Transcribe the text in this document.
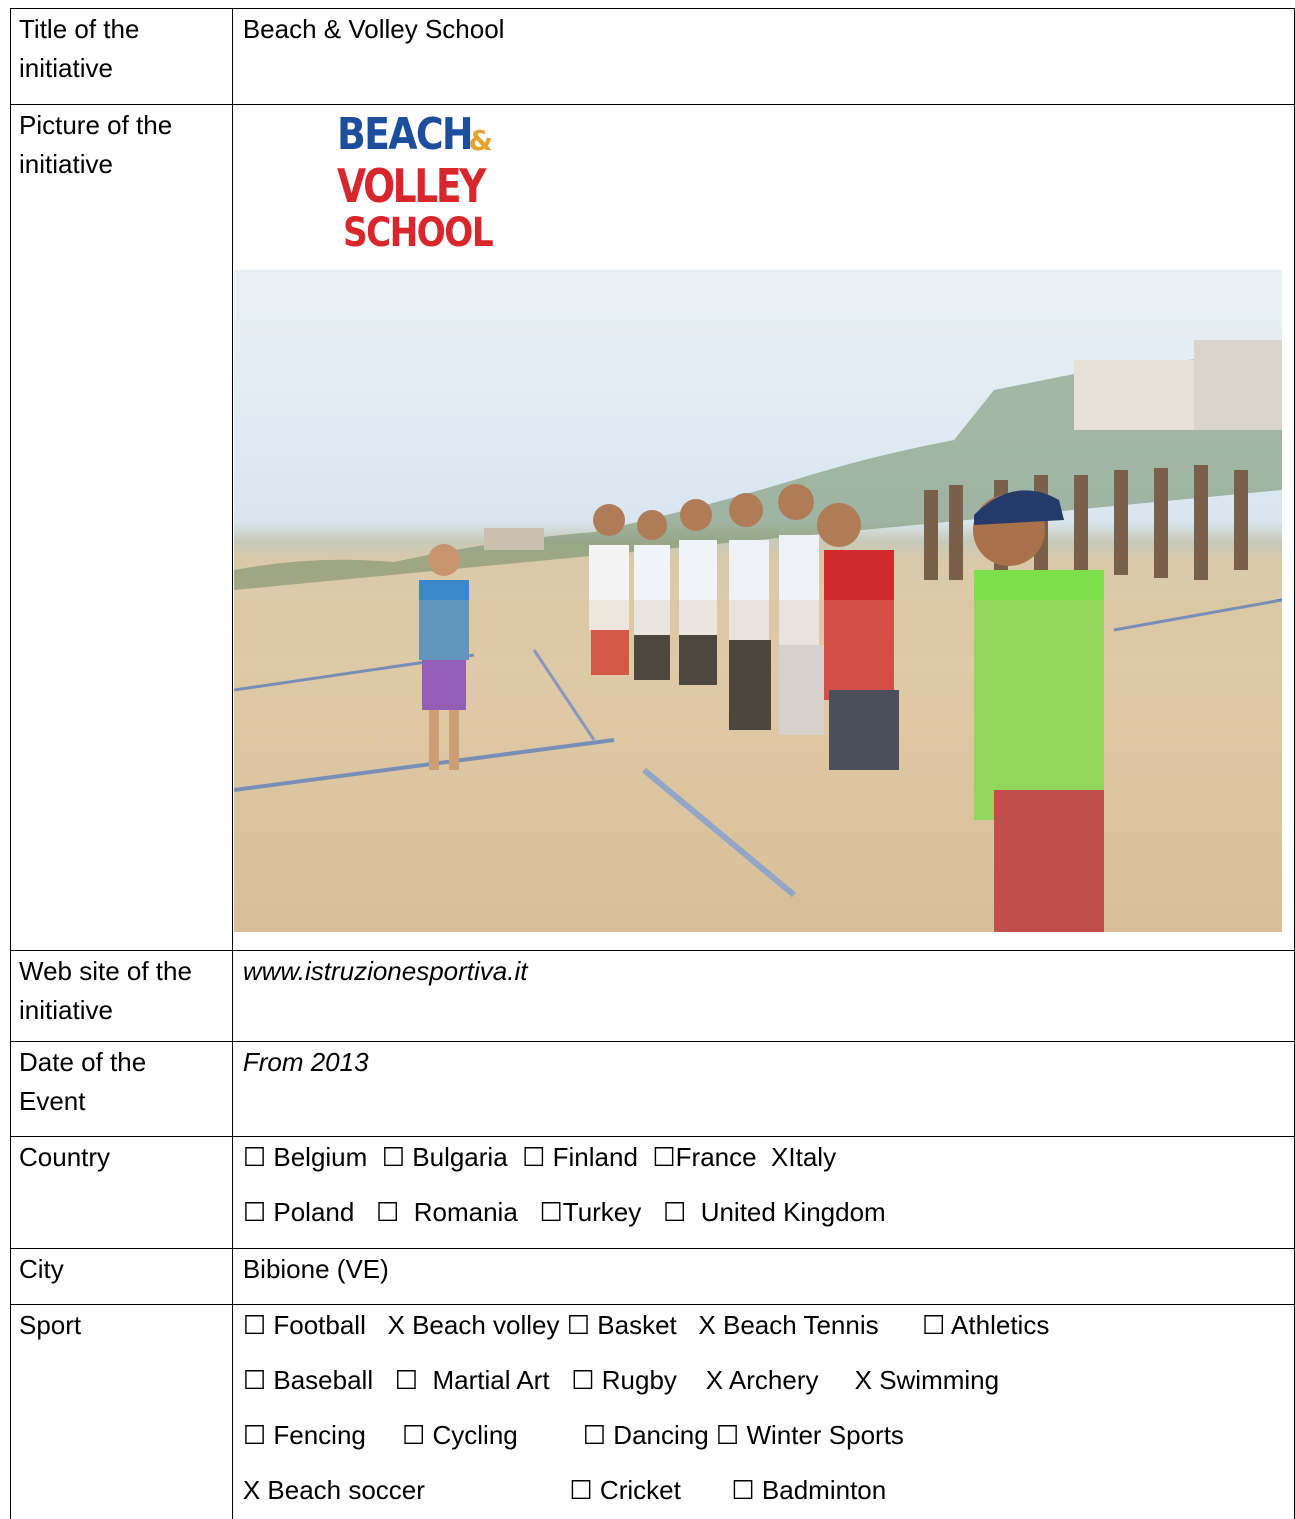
Title of the
initiative	Beach & Volley School
Picture of the
initiative	BEACH
&
VOLLEY
SCHOOL

Web site of the
initiative	www.istruzionesportiva.it
Date of the
Event	From 2013
Country	☐ Belgium  ☐ Bulgaria  ☐ Finland  ☐France  XItaly
☐ Poland   ☐  Romania   ☐Turkey   ☐  United Kingdom

City	Bibione (VE)
Sport	☐ Football   X Beach volley ☐ Basket   X Beach Tennis      ☐ Athletics
☐ Baseball   ☐  Martial Art   ☐ Rugby    X Archery     X Swimming
☐ Fencing     ☐ Cycling         ☐ Dancing ☐ Winter Sports
X Beach soccer                    ☐ Cricket       ☐ Badminton
